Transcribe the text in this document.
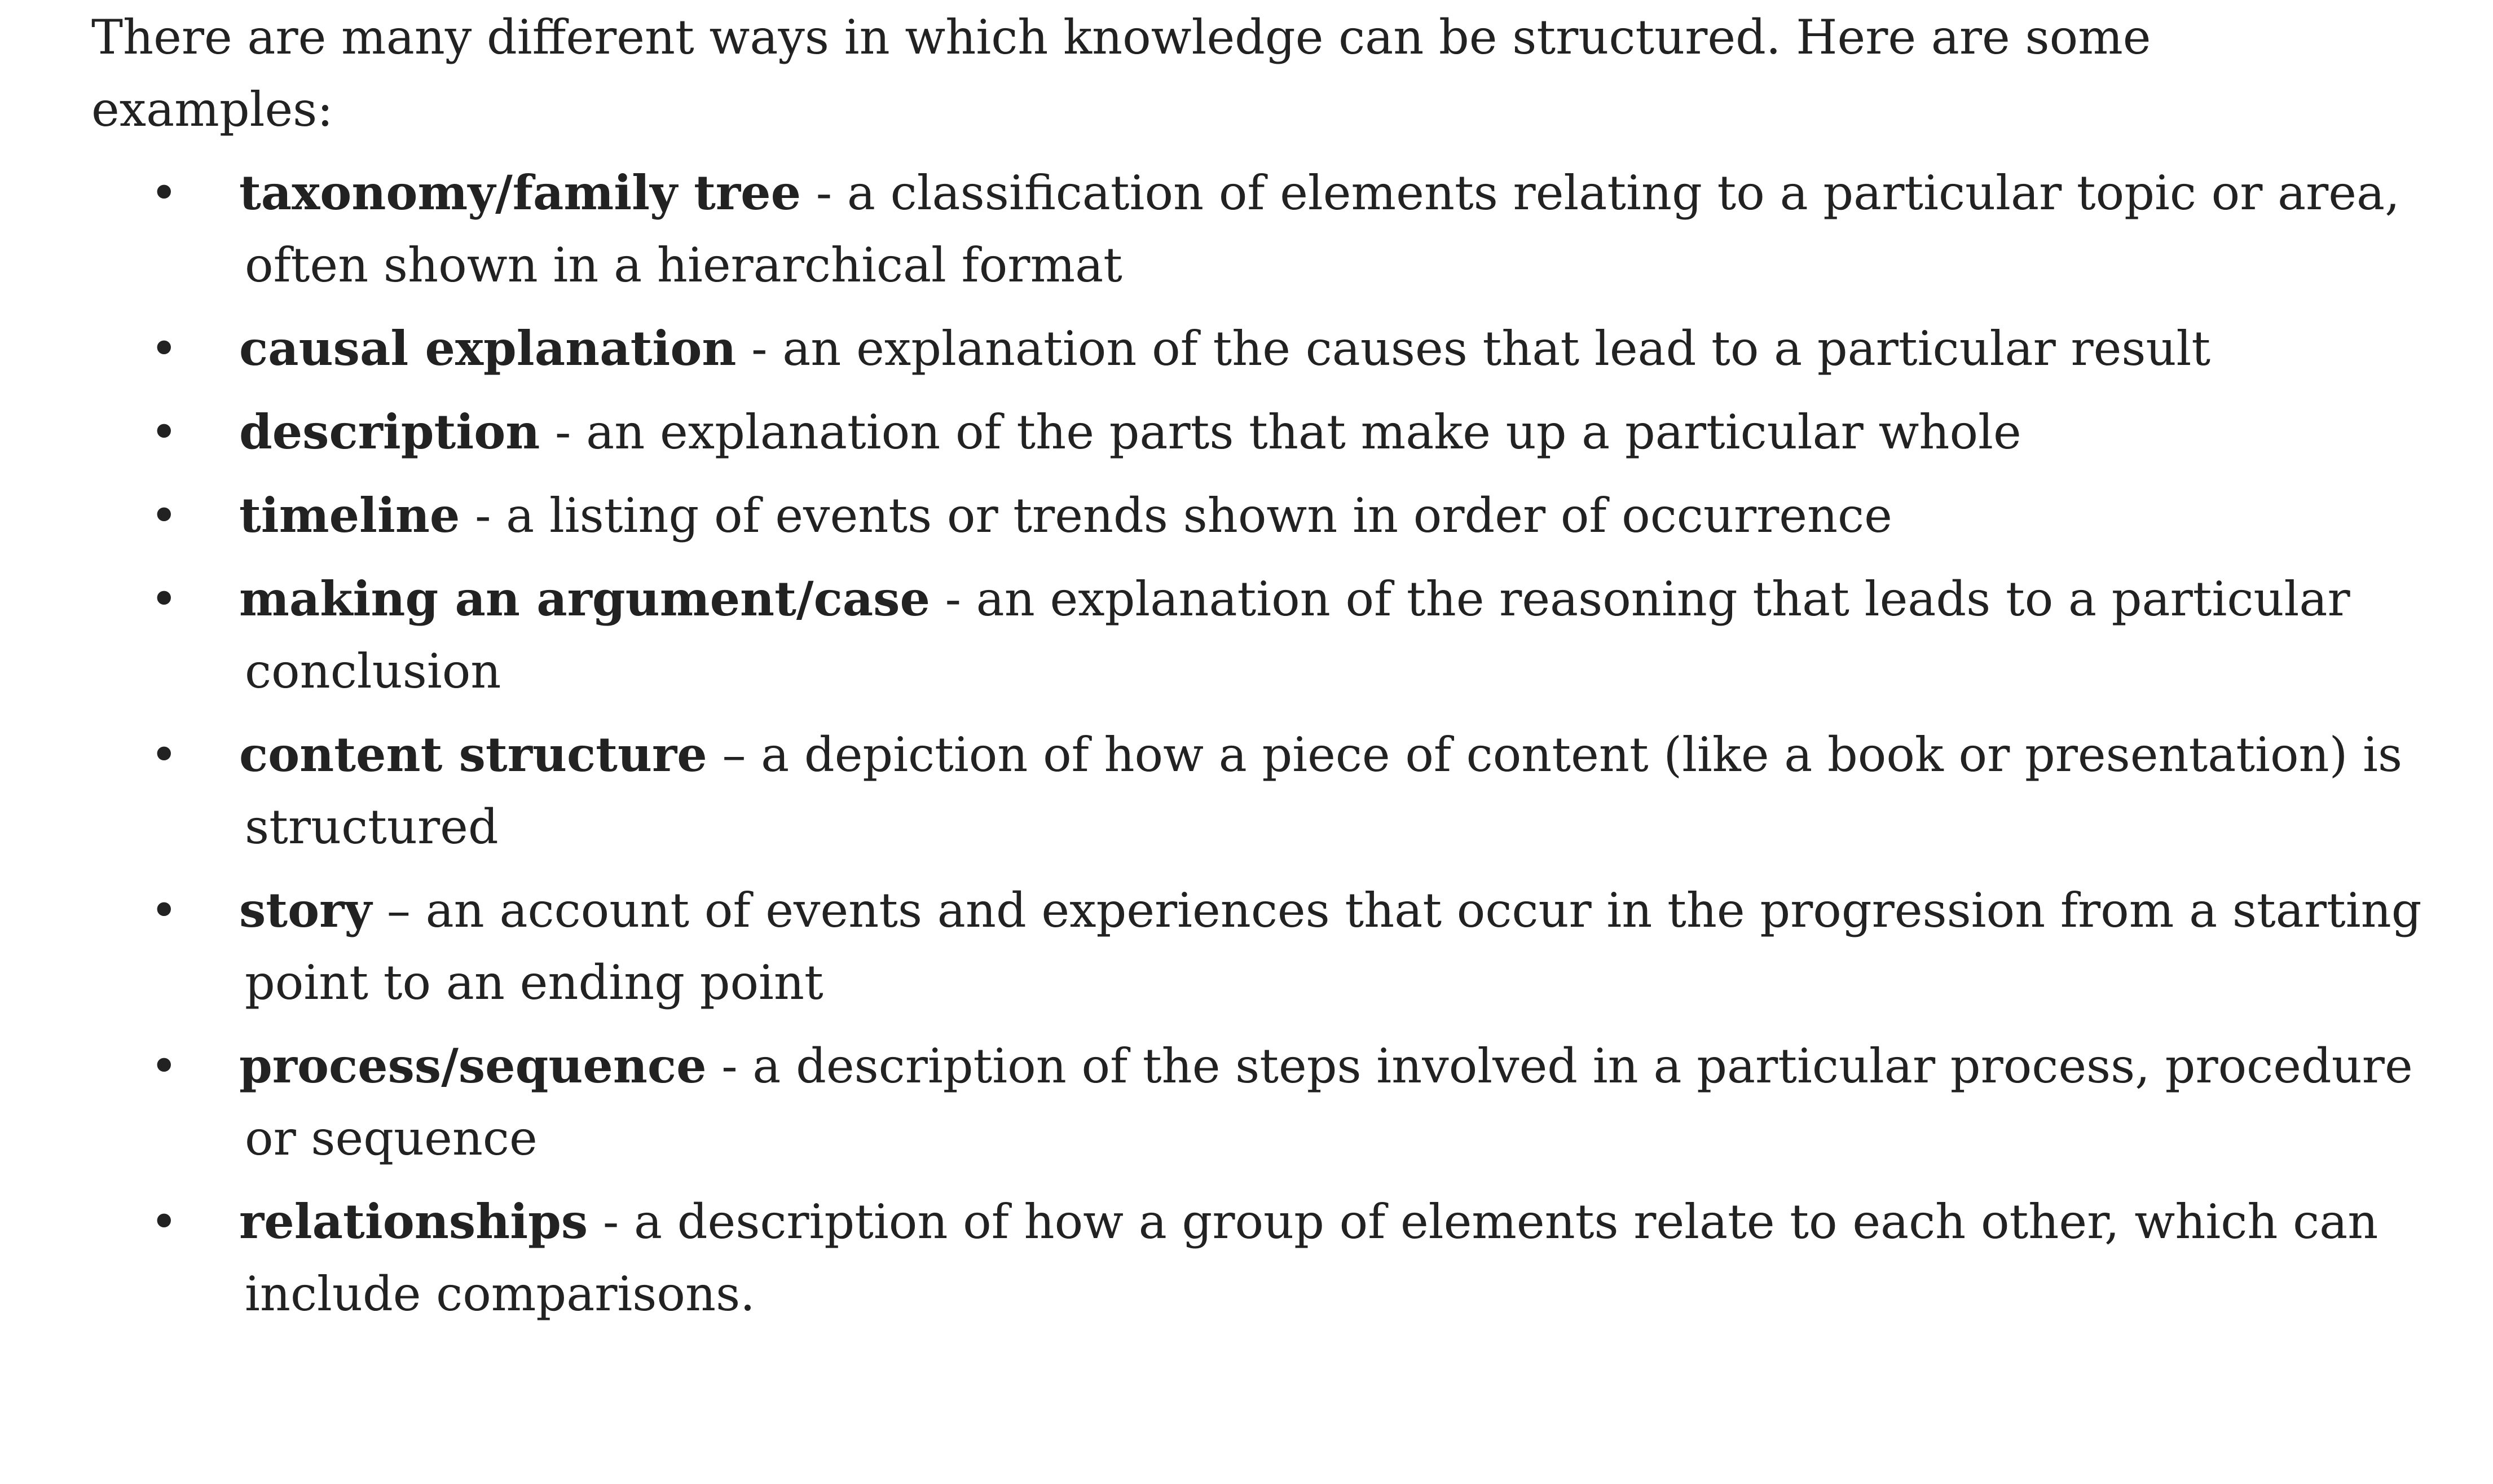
There are many different ways in which knowledge can be structured. Here are some examples:

• taxonomy/family tree - a classification of elements relating to a particular topic or area, often shown in a hierarchical format
• causal explanation - an explanation of the causes that lead to a particular result
• description - an explanation of the parts that make up a particular whole
• timeline - a listing of events or trends shown in order of occurrence
• making an argument/case - an explanation of the reasoning that leads to a particular conclusion
• content structure – a depiction of how a piece of content (like a book or presentation) is structured
• story – an account of events and experiences that occur in the progression from a starting point to an ending point
• process/sequence - a description of the steps involved in a particular process, procedure or sequence
• relationships - a description of how a group of elements relate to each other, which can include comparisons.
